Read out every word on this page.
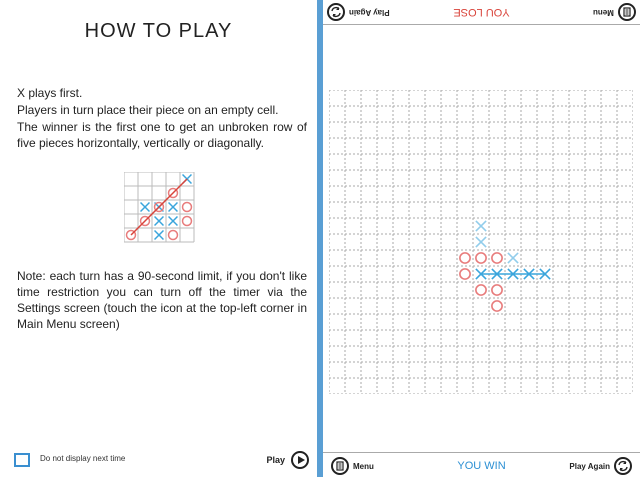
HOW TO PLAY
X plays first.
Players in turn place their piece on an empty cell.
The winner is the first one to get an unbroken row of five pieces horizontally, vertically or diagonally.
Note: each turn has a 90-second limit, if you don't like time restriction you can turn off the timer via the Settings screen (touch the icon at the top-left corner in Main Menu screen)
Do not display next time	Play
Play Again	YOU LOSE	Menu
Menu	YOU WIN	Play Again
